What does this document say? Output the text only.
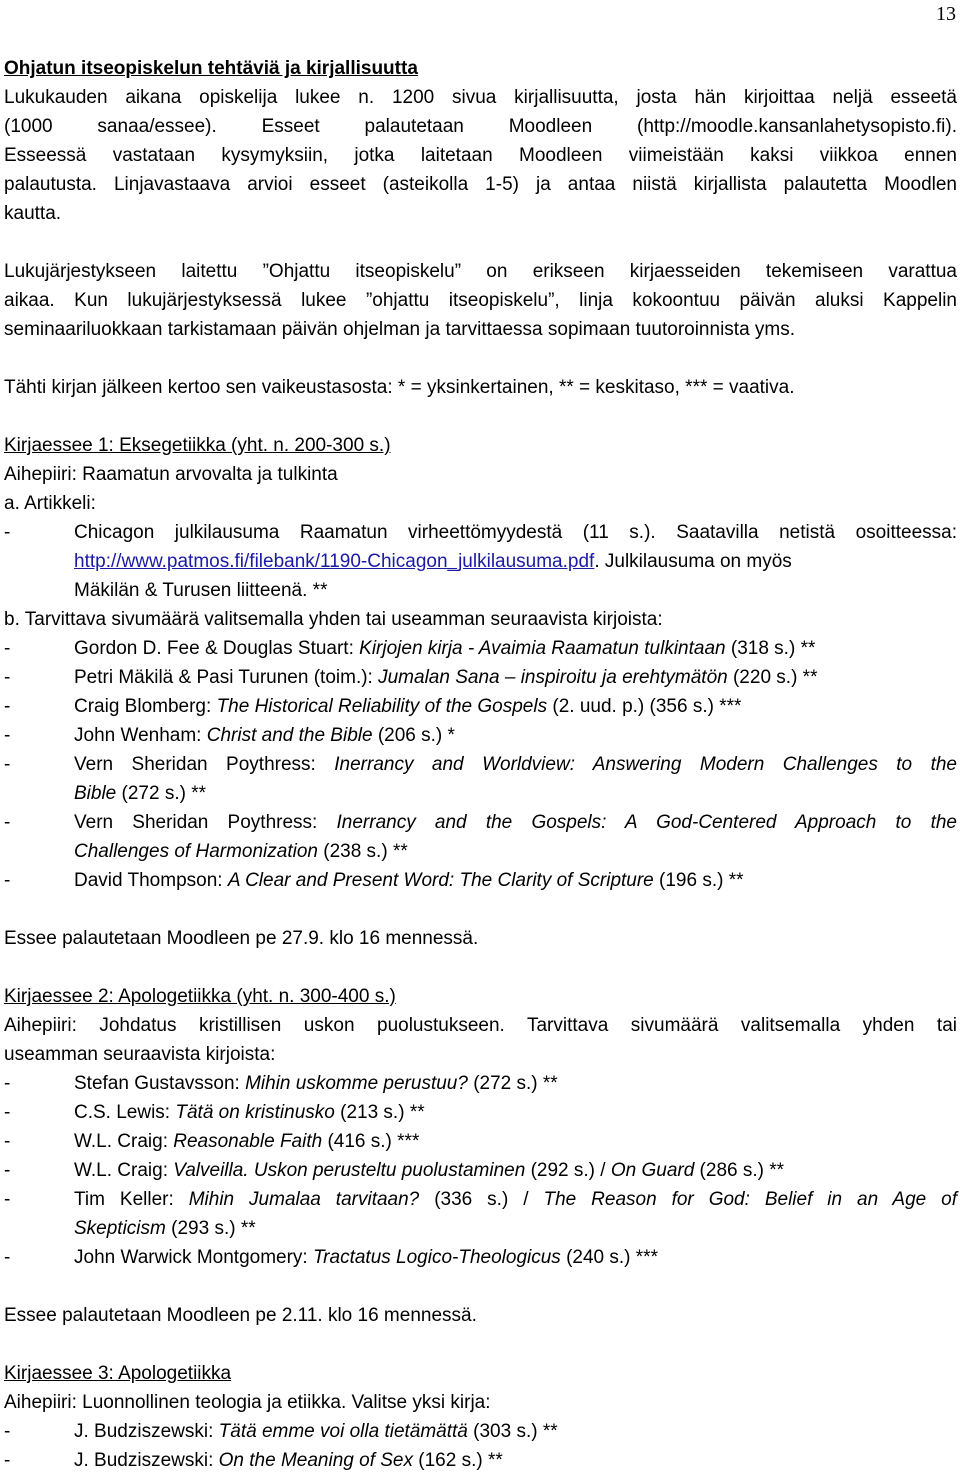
13
Ohjatun itseopiskelun tehtäviä ja kirjallisuutta
Lukukauden aikana opiskelija lukee n. 1200 sivua kirjallisuutta, josta hän kirjoittaa neljä esseetä
(1000 sanaa/essee). Esseet palautetaan Moodleen (http://moodle.kansanlahetysopisto.fi).
Esseessä vastataan kysymyksiin, jotka laitetaan Moodleen viimeistään kaksi viikkoa ennen
palautusta. Linjavastaava arvioi esseet (asteikolla 1-5) ja antaa niistä kirjallista palautetta Moodlen
kautta.
Lukujärjestykseen laitettu ”Ohjattu itseopiskelu” on erikseen kirjaesseiden tekemiseen varattua
aikaa. Kun lukujärjestyksessä lukee ”ohjattu itseopiskelu”, linja kokoontuu päivän aluksi Kappelin
seminaariluokkaan tarkistamaan päivän ohjelman ja tarvittaessa sopimaan tuutoroinnista yms.
Tähti kirjan jälkeen kertoo sen vaikeustasosta: * = yksinkertainen, ** = keskitaso, *** = vaativa.
Kirjaessee 1: Eksegetiikka (yht. n. 200-300 s.)
Aihepiiri: Raamatun arvovalta ja tulkinta
a. Artikkeli:
-	Chicagon julkilausuma Raamatun virheettömyydestä (11 s.). Saatavilla netistä osoitteessa:
http://www.patmos.fi/filebank/1190-Chicagon_julkilausuma.pdf. Julkilausuma on myös
Mäkilän & Turusen liitteenä. **
b. Tarvittava sivumäärä valitsemalla yhden tai useamman seuraavista kirjoista:
-	Gordon D. Fee & Douglas Stuart: Kirjojen kirja - Avaimia Raamatun tulkintaan (318 s.) **
-	Petri Mäkilä & Pasi Turunen (toim.): Jumalan Sana – inspiroitu ja erehtymätön (220 s.) **
-	Craig Blomberg: The Historical Reliability of the Gospels (2. uud. p.) (356 s.) ***
-	John Wenham: Christ and the Bible (206 s.) *
-	Vern Sheridan Poythress: Inerrancy and Worldview: Answering Modern Challenges to the
Bible (272 s.) **
-	Vern Sheridan Poythress: Inerrancy and the Gospels: A God-Centered Approach to the
Challenges of Harmonization (238 s.) **
-	David Thompson: A Clear and Present Word: The Clarity of Scripture (196 s.) **
Essee palautetaan Moodleen pe 27.9. klo 16 mennessä.
Kirjaessee 2: Apologetiikka (yht. n. 300-400 s.)
Aihepiiri: Johdatus kristillisen uskon puolustukseen. Tarvittava sivumäärä valitsemalla yhden tai
useamman seuraavista kirjoista:
-	Stefan Gustavsson: Mihin uskomme perustuu? (272 s.) **
-	C.S. Lewis: Tätä on kristinusko (213 s.) **
-	W.L. Craig: Reasonable Faith (416 s.) ***
-	W.L. Craig: Valveilla. Uskon perusteltu puolustaminen (292 s.) / On Guard (286 s.) **
-	Tim Keller: Mihin Jumalaa tarvitaan? (336 s.) / The Reason for God: Belief in an Age of
Skepticism (293 s.) **
-	John Warwick Montgomery: Tractatus Logico-Theologicus (240 s.) ***
Essee palautetaan Moodleen pe 2.11. klo 16 mennessä.
Kirjaessee 3: Apologetiikka
Aihepiiri: Luonnollinen teologia ja etiikka. Valitse yksi kirja:
-	J. Budziszewski: Tätä emme voi olla tietämättä (303 s.) **
-	J. Budziszewski: On the Meaning of Sex (162 s.) **
